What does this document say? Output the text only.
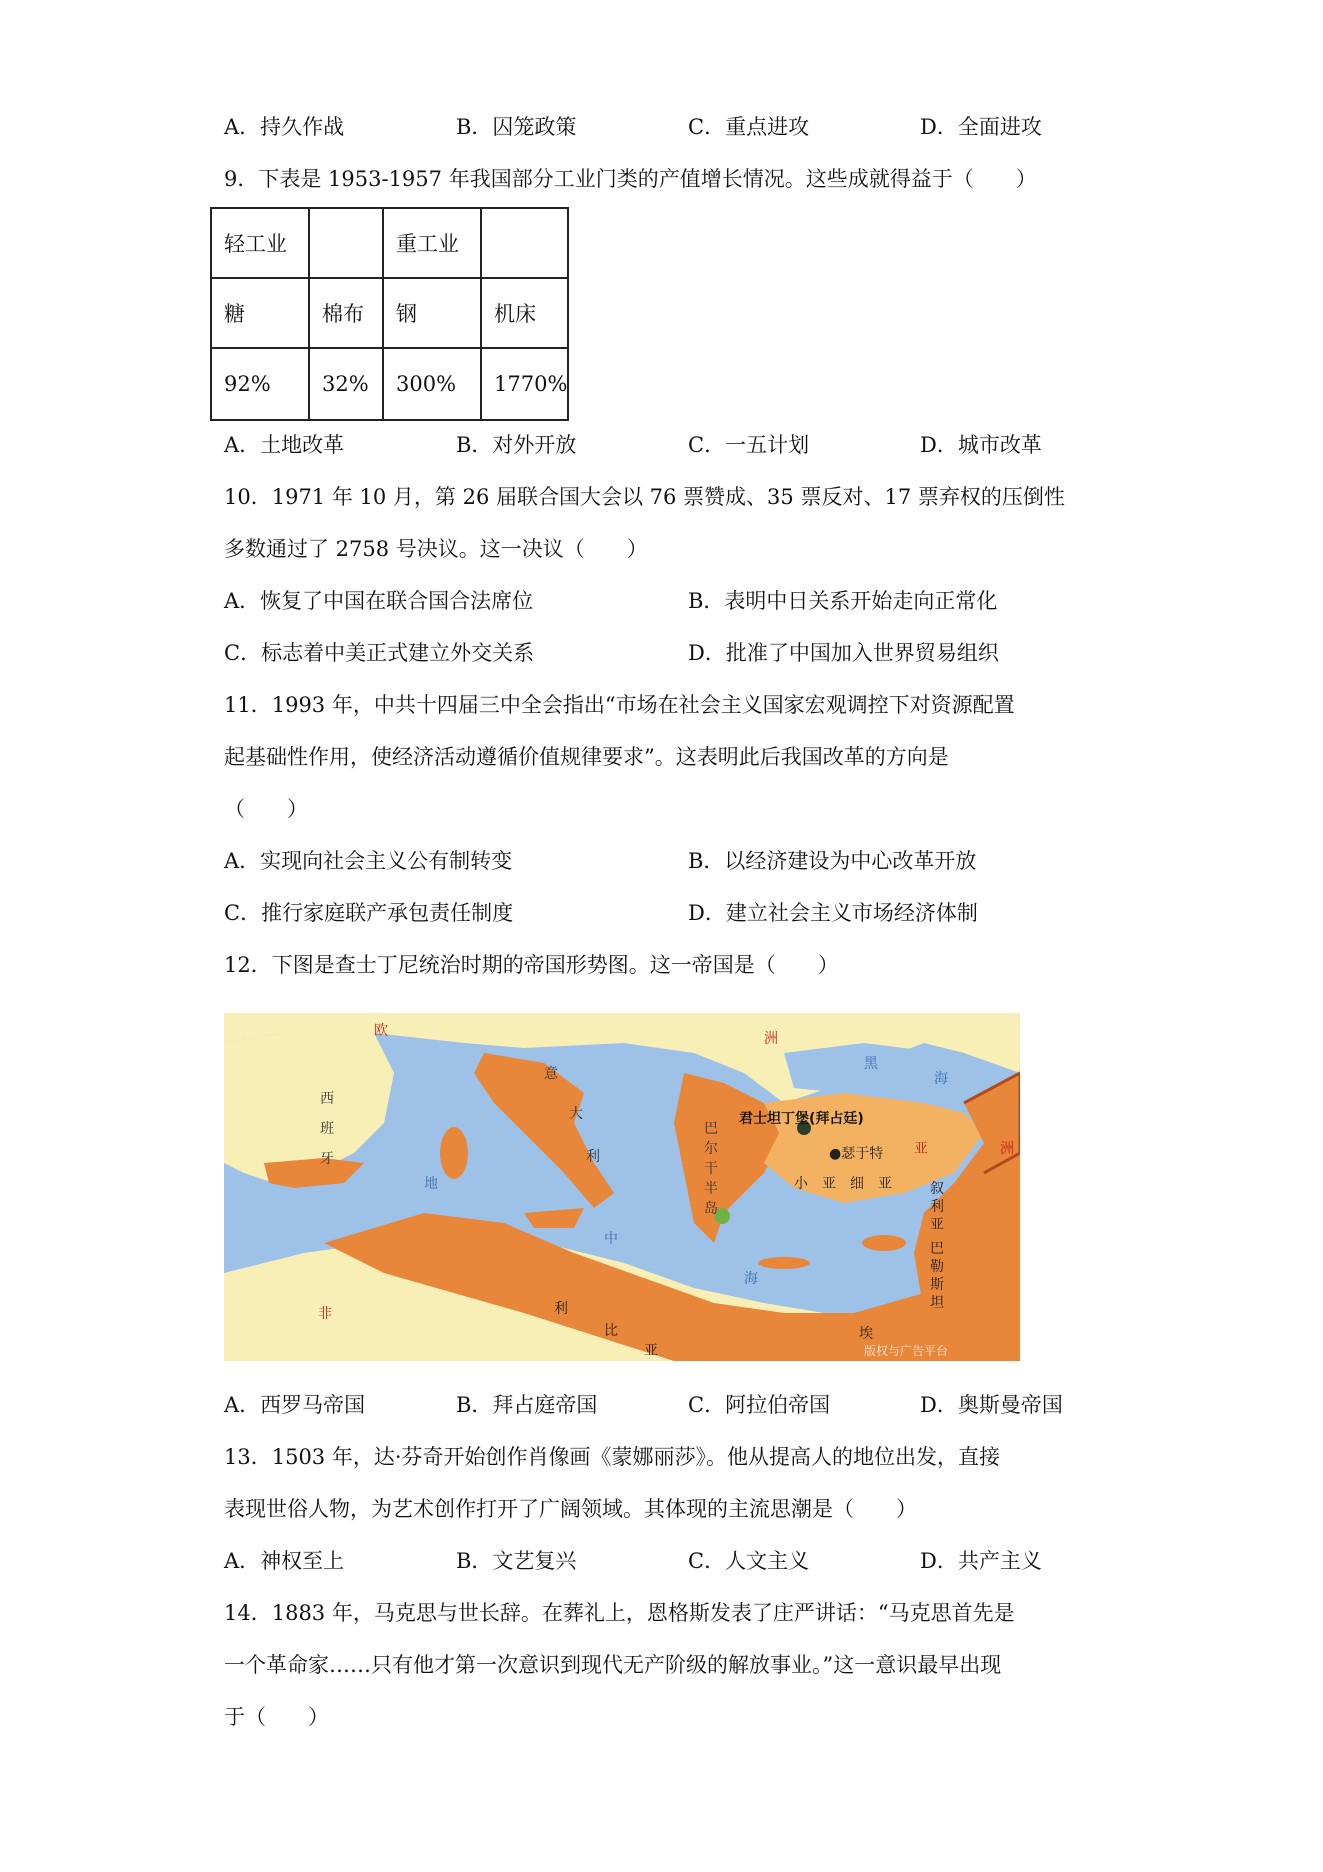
A．持久作战	B．囚笼政策	C．重点进攻	D．全面进攻
9．下表是 1953-1957 年我国部分工业门类的产值增长情况。这些成就得益于（　　）
轻工业		重工业	
糖	棉布	钢	机床
92%	32%	300%	1770%
A．土地改革	B．对外开放	C．一五计划	D．城市改革
10．1971 年 10 月，第 26 届联合国大会以 76 票赞成、35 票反对、17 票弃权的压倒性
多数通过了 2758 号决议。这一决议（　　）
A．恢复了中国在联合国合法席位	B．表明中日关系开始走向正常化
C．标志着中美正式建立外交关系	D．批准了中国加入世界贸易组织
11．1993 年，中共十四届三中全会指出“市场在社会主义国家宏观调控下对资源配置
起基础性作用，使经济活动遵循价值规律要求”。这表明此后我国改革的方向是
（　　）
A．实现向社会主义公有制转变	B．以经济建设为中心改革开放
C．推行家庭联产承包责任制度	D．建立社会主义市场经济体制
12．下图是查士丁尼统治时期的帝国形势图。这一帝国是（　　）
欧	洲
西
班
牙
意
大
利
巴
尔
干
半
岛
君士坦丁堡(拜占廷)
●瑟于特 亚	洲
小　亚　细　亚
黑
海
地
中
海
叙
利
亚
巴
勒
斯
坦
非	利
比
亚
埃
版权与广告平台
A．西罗马帝国	B．拜占庭帝国	C．阿拉伯帝国	D．奥斯曼帝国
13．1503 年，达·芬奇开始创作肖像画《蒙娜丽莎》。他从提高人的地位出发，直接
表现世俗人物，为艺术创作打开了广阔领域。其体现的主流思潮是（　　）
A．神权至上	B．文艺复兴	C．人文主义	D．共产主义
14．1883 年，马克思与世长辞。在葬礼上，恩格斯发表了庄严讲话：“马克思首先是
一个革命家……只有他才第一次意识到现代无产阶级的解放事业。”这一意识最早出现
于（　　）
